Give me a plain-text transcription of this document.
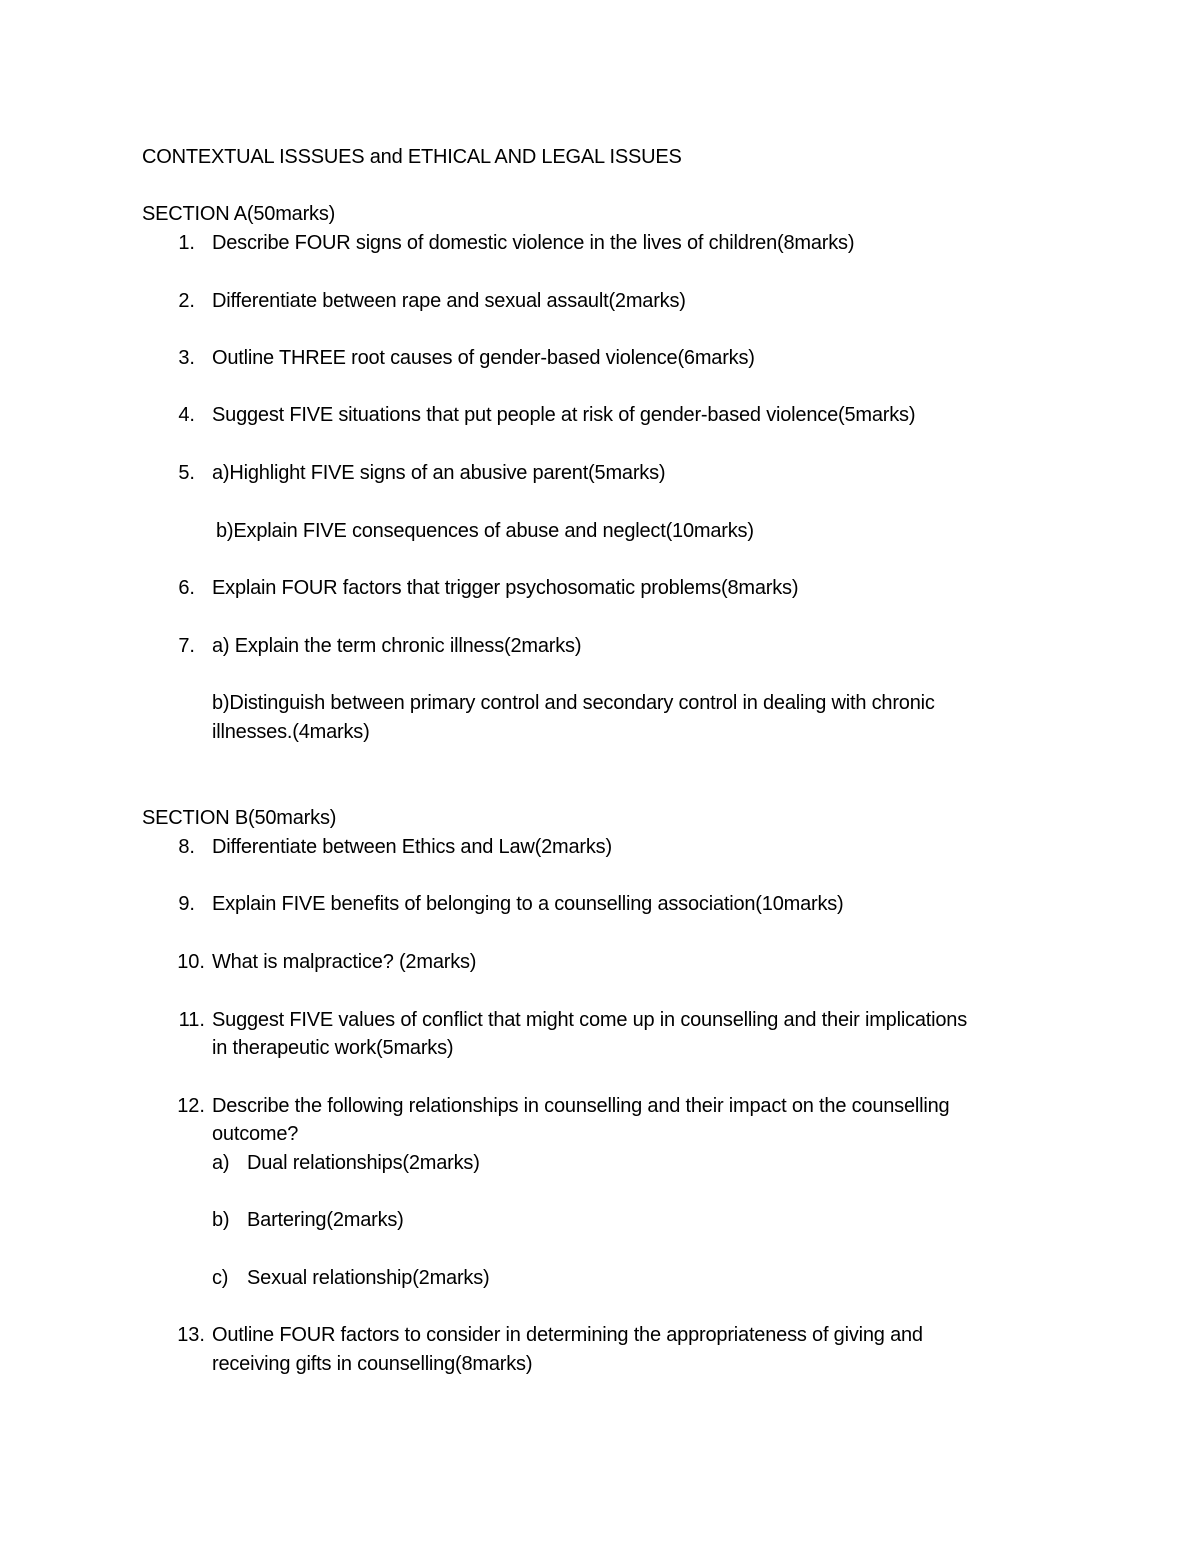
CONTEXTUAL ISSSUES and ETHICAL AND LEGAL ISSUES
SECTION A(50marks)
1. Describe FOUR signs of domestic violence in the lives of children(8marks)
2. Differentiate between rape and sexual assault(2marks)
3. Outline THREE root causes of gender-based violence(6marks)
4. Suggest FIVE situations that put people at risk of gender-based violence(5marks)
5. a)Highlight FIVE signs of an abusive parent(5marks)
b)Explain FIVE consequences of abuse and neglect(10marks)
6. Explain FOUR factors that trigger psychosomatic problems(8marks)
7. a) Explain the term chronic illness(2marks)
b)Distinguish between primary control and secondary control in dealing with chronic
illnesses.(4marks)
SECTION B(50marks)
8. Differentiate between Ethics and Law(2marks)
9. Explain FIVE benefits of belonging to a counselling association(10marks)
10. What is malpractice? (2marks)
11. Suggest FIVE values of conflict that might come up in counselling and their implications
in therapeutic work(5marks)
12. Describe the following relationships in counselling and their impact on the counselling
outcome?
a) Dual relationships(2marks)
b) Bartering(2marks)
c) Sexual relationship(2marks)
13. Outline FOUR factors to consider in determining the appropriateness of giving and
receiving gifts in counselling(8marks)
